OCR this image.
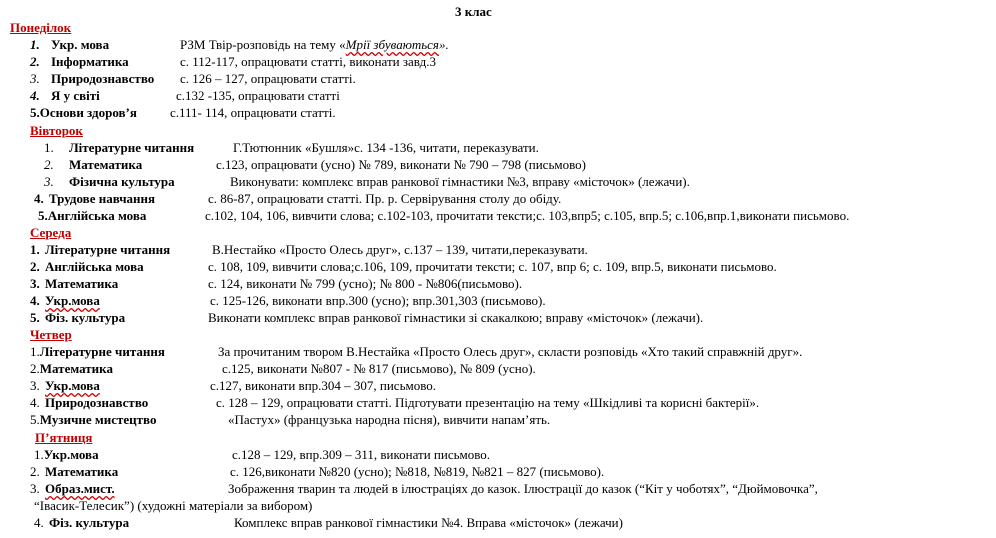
3 клас
Понеділок
1. Укр. мова	РЗМ Твір-розповідь на тему «Мрії збуваються».
2. Інформатика	с. 112-117, опрацювати статті, виконати завд.3
3. Природознавство с. 126 – 127, опрацювати статті.
4. Я у світі	с.132 -135, опрацювати статті
5.Основи здоров’я	с.111- 114, опрацювати статті.
Вівторок
1. Літературне читання	Г.Тютюнник «Бушля»с. 134 -136, читати, переказувати.
2. Математика	с.123, опрацювати (усно) № 789, виконати № 790 – 798 (письмово)
3. Фізична культура	Виконувати: комплекс вправ ранкової гімнастики №3, вправу «місточок» (лежачи).
4. Трудове навчання	с. 86-87, опрацювати статті. Пр. р. Сервірування столу до обіду.
5.Англійська мова	с.102, 104, 106, вивчити слова; с.102-103, прочитати тексти;с. 103,впр5; с.105, впр.5; с.106,впр.1,виконати письмово.
Середа
1. Літературне читання	В.Нестайко «Просто Олесь друг», с.137 – 139, читати,переказувати.
2. Англійська мова	с. 108, 109, вивчити слова;с.106, 109, прочитати тексти; с. 107, впр 6; с. 109, впр.5, виконати письмово.
3. Математика	с. 124, виконати № 799 (усно); № 800 - №806(письмово).
4. Укр.мова	с. 125-126, виконати впр.300 (усно); впр.301,303 (письмово).
5. Фіз. культура	Виконати комплекс вправ ранкової гімнастики зі скакалкою; вправу «місточок» (лежачи).
Четвер
1.Літературне читання	За прочитаним твором В.Нестайка «Просто Олесь друг», скласти розповідь «Хто такий справжній друг».
2.Математика	с.125, виконати №807 - № 817 (письмово), № 809 (усно).
3. Укр.мова	с.127, виконати впр.304 – 307, письмово.
4. Природознавство	с. 128 – 129, опрацювати статті. Підготувати презентацію на тему «Шкідливі та корисні бактерії».
5.Музичне мистецтво	«Пастух» (французька народна пісня), вивчити напам’ять.
П’ятниця
1.Укр.мова	с.128 – 129, впр.309 – 311, виконати письмово.
2. Математика	с. 126,виконати №820 (усно); №818, №819, №821 – 827 (письмово).
3. Образ.мист.	Зображення тварин та людей в ілюстраціях до казок. Ілюстрації до казок (“Кіт у чоботях”, “Дюймовочка”,
“Івасик-Телесик”) (художні матеріали за вибором)
4. Фіз. культура	Комплекс вправ ранкової гімнастики №4. Вправа «місточок» (лежачи)
